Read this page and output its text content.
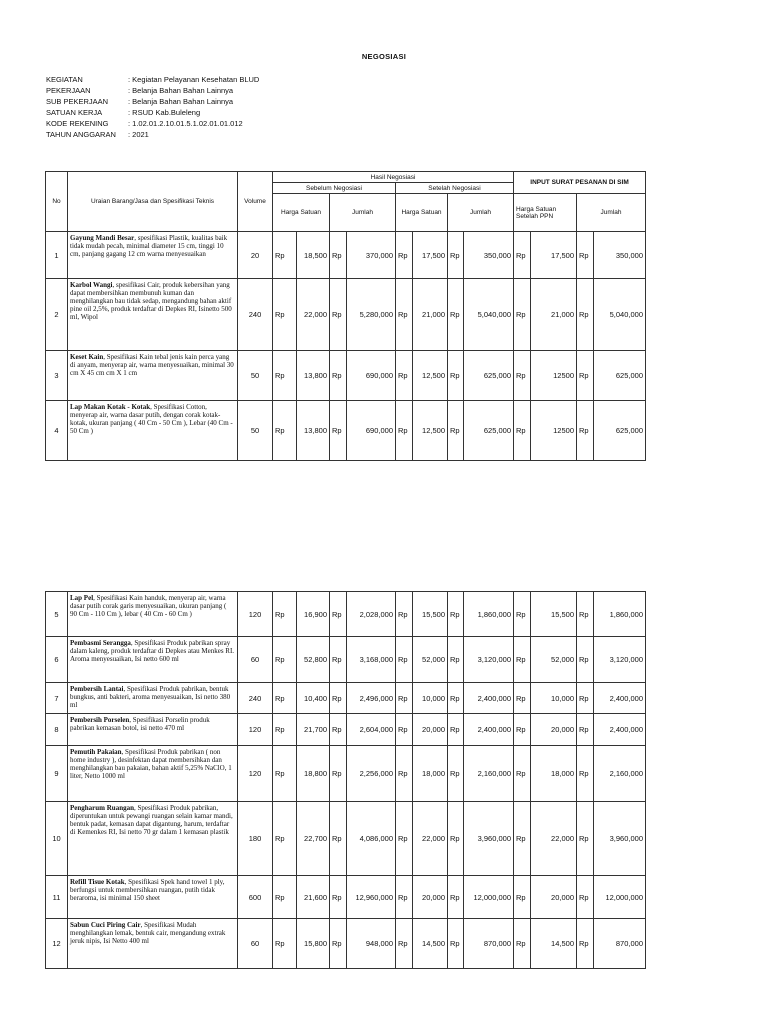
NEGOSIASI
KEGIATAN	: Kegiatan Pelayanan Kesehatan BLUD
PEKERJAAN	: Belanja Bahan Bahan Lainnya
SUB PEKERJAAN	: Belanja Bahan Bahan Lainnya
SATUAN KERJA	: RSUD Kab.Buleleng
KODE REKENING	: 1.02.01.2.10.01.5.1.02.01.01.012
TAHUN ANGGARAN	: 2021
No	Uraian Barang/Jasa dan Spesifikasi Teknis	Volume	Hasil Negosiasi								INPUT SURAT PESANAN DI SIM			
			Sebelum Negosiasi				Setelah Negosiasi							
			Harga Satuan		Jumlah		Harga Satuan		Jumlah		Harga Satuan Setelah PPN		Jumlah	
1	Gayung Mandi Besar, spesifikasi Plastik, kualitas baik tidak mudah pecah, minimal diameter 15 cm, tinggi 10 cm, panjang gagang 12 cm warna menyesuaikan	20	Rp	18,500	Rp	370,000	Rp	17,500	Rp	350,000	Rp	17,500	Rp	350,000
2	Karbol Wangi, spesifikasi Cair, produk kebersihan yang dapat membersihkan membunuh kuman dan menghilangkan bau tidak sedap, mengandung bahan aktif pine oil 2,5%, produk terdaftar di Depkes RI, Isinetto 500 ml, Wipol	240	Rp	22,000	Rp	5,280,000	Rp	21,000	Rp	5,040,000	Rp	21,000	Rp	5,040,000
3	Keset Kain, Spesifikasi Kain tebal jenis kain perca yang di anyam, menyerap air, warna menyesuaikan, minimal 30 cm X 45 cm cm X 1 cm	50	Rp	13,800	Rp	690,000	Rp	12,500	Rp	625,000	Rp	12500	Rp	625,000
4	Lap Makan Kotak - Kotak, Spesifikasi Cotton, menyerap air, warna dasar putih, dengan corak kotak-kotak, ukuran panjang ( 40 Cm - 50 Cm ), Lebar (40 Cm - 50 Cm )	50	Rp	13,800	Rp	690,000	Rp	12,500	Rp	625,000	Rp	12500	Rp	625,000
5	Lap Pel, Spesifikasi Kain handuk, menyerap air, warna dasar putih corak garis menyesuaikan, ukuran panjang ( 90 Cm - 110 Cm ), lebar ( 40 Cm - 60 Cm )	120	Rp	16,900	Rp	2,028,000	Rp	15,500	Rp	1,860,000	Rp	15,500	Rp	1,860,000
6	Pembasmi Serangga, Spesifikasi Produk pabrikan spray dalam kaleng, produk terdaftar di Depkes atau Menkes RI. Aroma menyesuaikan, Isi netto 600 ml	60	Rp	52,800	Rp	3,168,000	Rp	52,000	Rp	3,120,000	Rp	52,000	Rp	3,120,000
7	Pembersih Lantai, Spesifikasi Produk pabrikan, bentuk bungkus, anti bakteri, aroma menyesuaikan, Isi netto 380 ml	240	Rp	10,400	Rp	2,496,000	Rp	10,000	Rp	2,400,000	Rp	10,000	Rp	2,400,000
8	Pembersih Porselen, Spesifikasi Porselin produk pabrikan kemasan botol, isi netto 470 ml	120	Rp	21,700	Rp	2,604,000	Rp	20,000	Rp	2,400,000	Rp	20,000	Rp	2,400,000
9	Pemutih Pakaian, Spesifikasi Produk pabrikan ( non home industry ), desinfektan dapat membersihkan dan menghilangkan bau pakaian, bahan aktif 5,25% NaClO, 1 liter, Netto 1000 ml	120	Rp	18,800	Rp	2,256,000	Rp	18,000	Rp	2,160,000	Rp	18,000	Rp	2,160,000
10	Pengharum Ruangan, Spesifikasi Produk pabrikan, diperuntukan untuk pewangi ruangan selain kamar mandi, bentuk padat, kemasan dapat digantung, harum, terdaftar di Kemenkes RI, Isi netto 70 gr dalam 1 kemasan plastik	180	Rp	22,700	Rp	4,086,000	Rp	22,000	Rp	3,960,000	Rp	22,000	Rp	3,960,000
11	Refill Tisue Kotak, Spesifikasi Spek hand towel 1 ply, berfungsi untuk membersihkan ruangan, putih tidak beraroma, isi minimal 150 sheet	600	Rp	21,600	Rp	12,960,000	Rp	20,000	Rp	12,000,000	Rp	20,000	Rp	12,000,000
12	Sabun Cuci Piring Cair, Spesifikasi Mudah menghilangkan lemak, bentuk cair, mengandung extrak jeruk nipis, Isi Netto 400 ml	60	Rp	15,800	Rp	948,000	Rp	14,500	Rp	870,000	Rp	14,500	Rp	870,000
